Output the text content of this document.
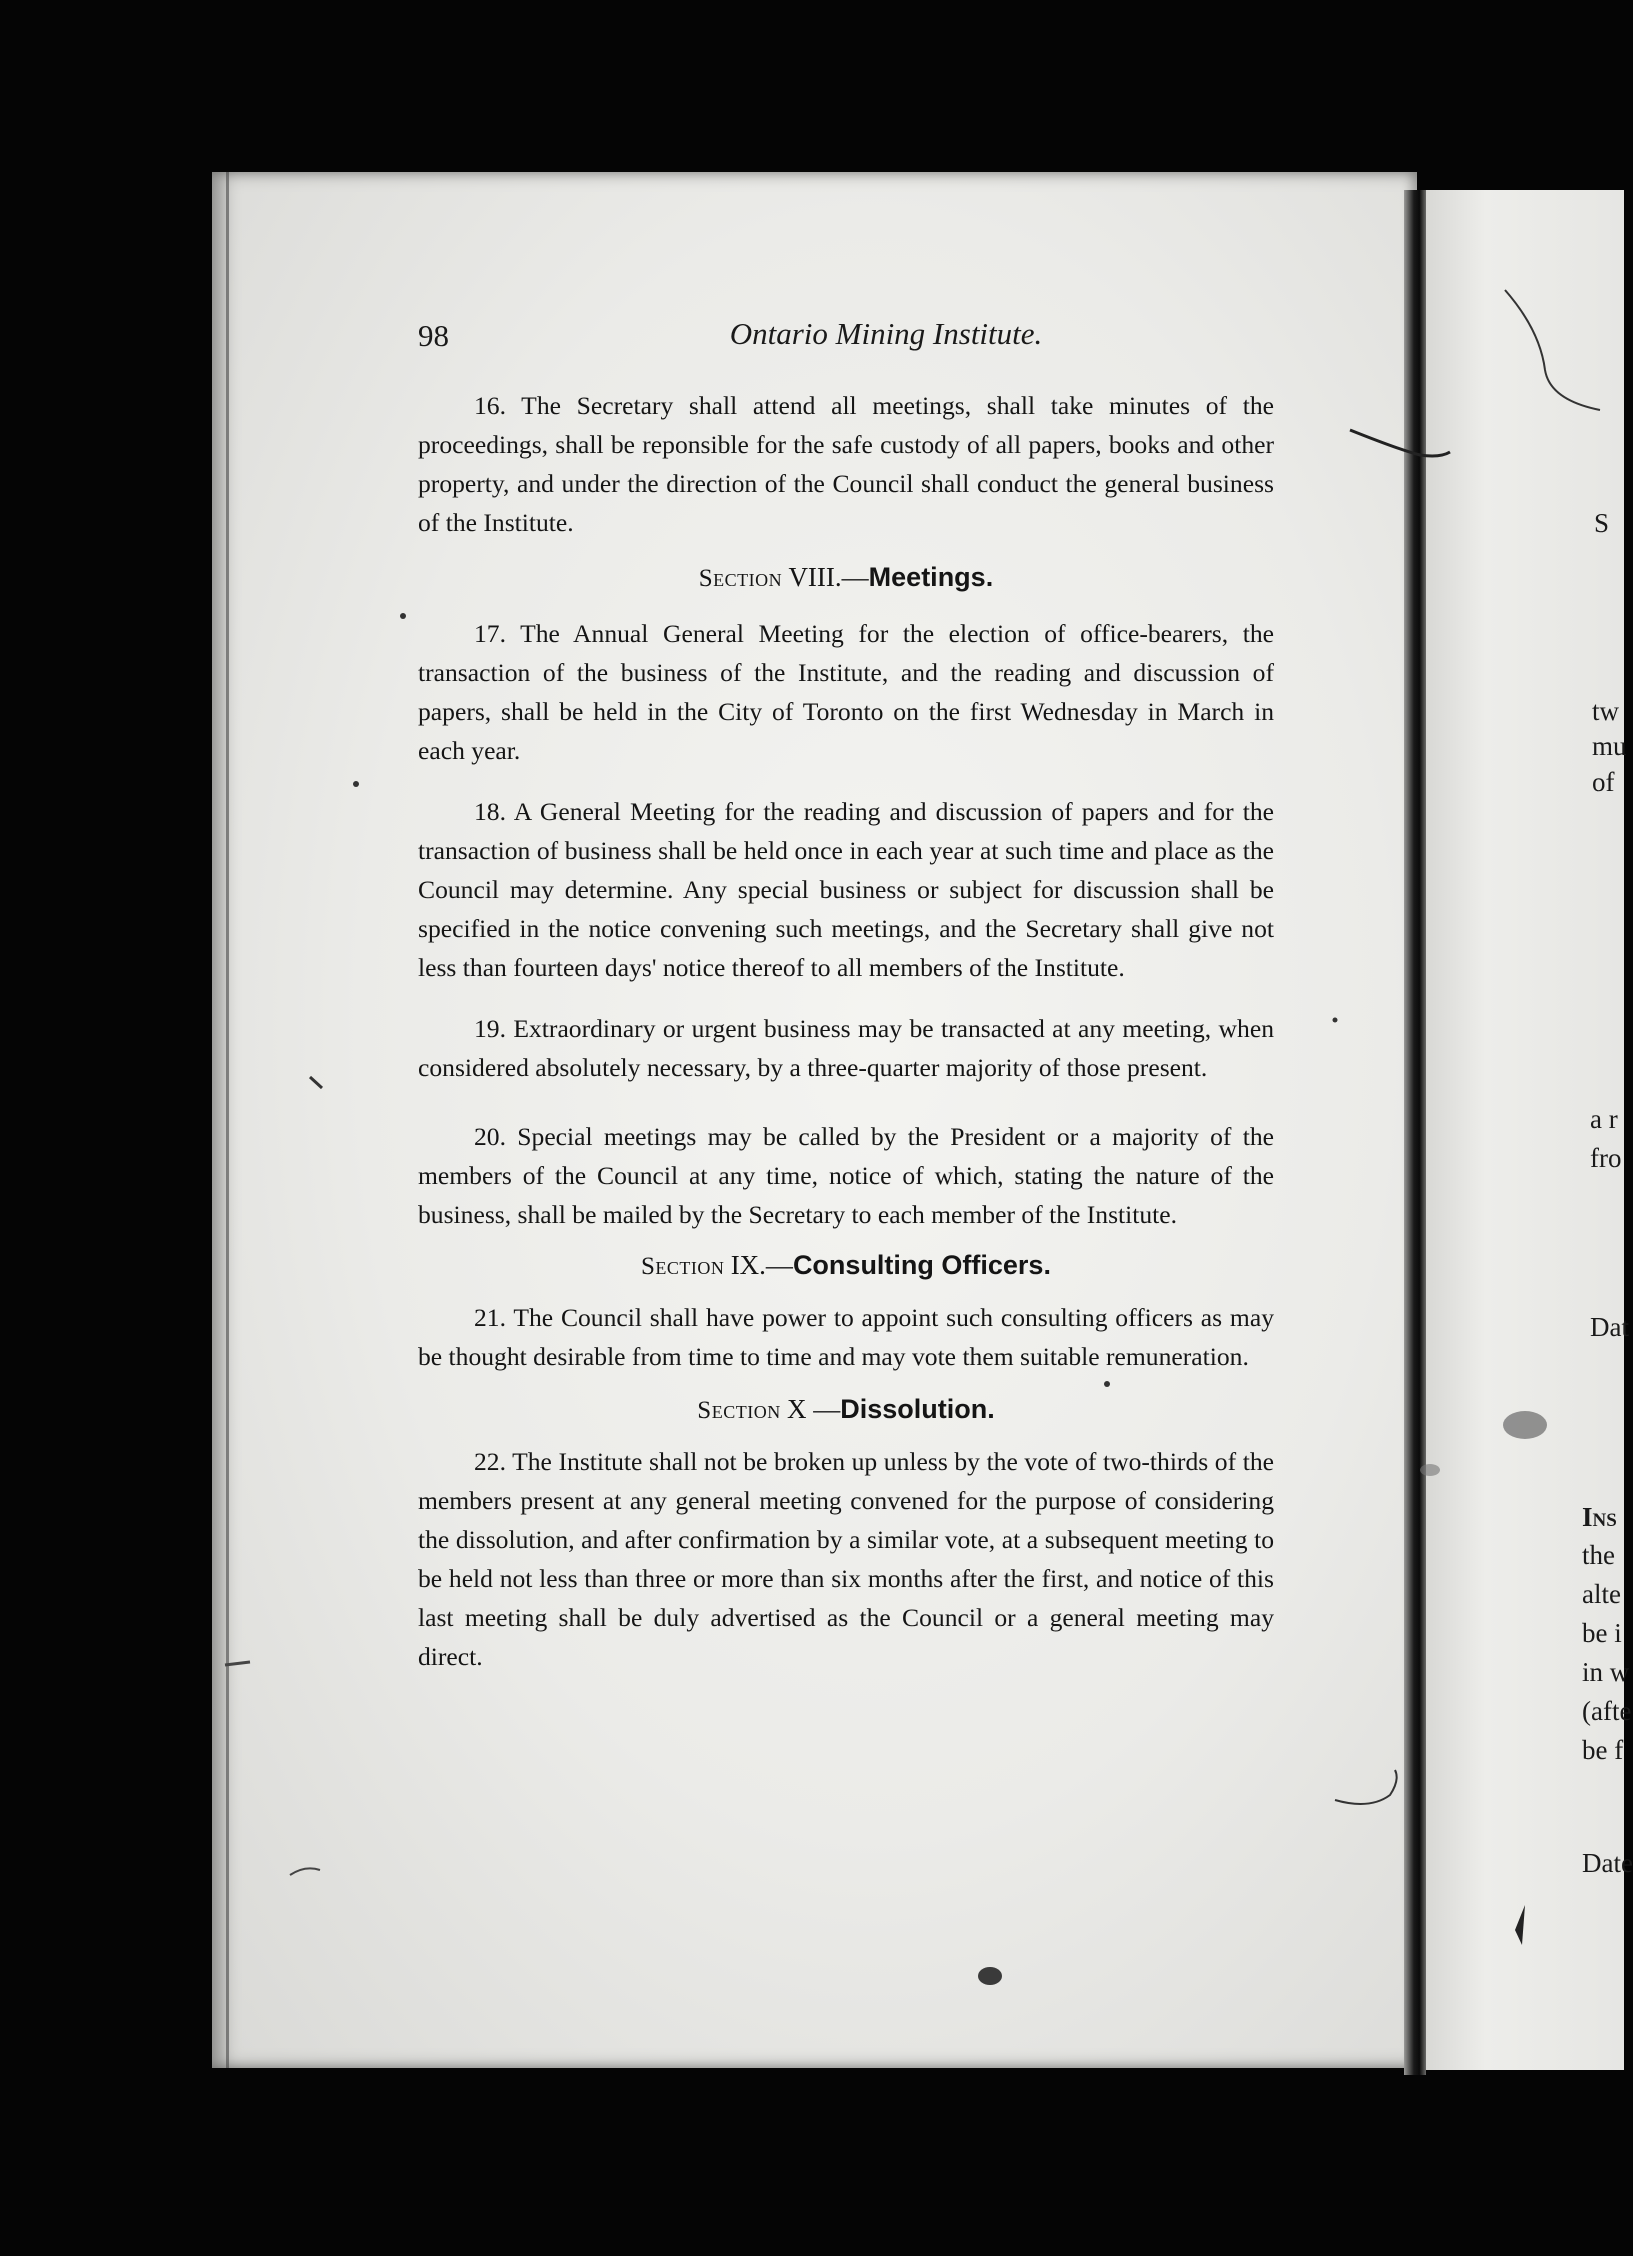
S
tw
mu
of
a r
fro
Dat
Ins
the
alte
be i
in w
(afte
be f
Date
98	Ontario Mining Institute.

16. The Secretary shall attend all meetings, shall take minutes of the proceedings, shall be reponsible for the safe custody of all papers, books and other property, and under the direction of the Council shall conduct the general business of the Institute.

Section VIII.—Meetings.

17. The Annual General Meeting for the election of office-bearers, the transaction of the business of the Institute, and the reading and discussion of papers, shall be held in the City of Toronto on the first Wednesday in March in each year.

18. A General Meeting for the reading and discussion of papers and for the transaction of business shall be held once in each year at such time and place as the Council may determine. Any special business or subject for discussion shall be specified in the notice convening such meetings, and the Secretary shall give not less than fourteen days' notice thereof to all members of the Institute.

19. Extraordinary or urgent business may be transacted at any meeting, when considered absolutely necessary, by a three-quarter majority of those present.

20. Special meetings may be called by the President or a majority of the members of the Council at any time, notice of which, stating the nature of the business, shall be mailed by the Secretary to each member of the Institute.

Section IX.—Consulting Officers.

21. The Council shall have power to appoint such consulting officers as may be thought desirable from time to time and may vote them suitable remuneration.

Section X —Dissolution.

22. The Institute shall not be broken up unless by the vote of two-thirds of the members present at any general meeting convened for the purpose of considering the dissolution, and after confirmation by a similar vote, at a subsequent meeting to be held not less than three or more than six months after the first, and notice of this last meeting shall be duly advertised as the Council or a general meeting may direct.
